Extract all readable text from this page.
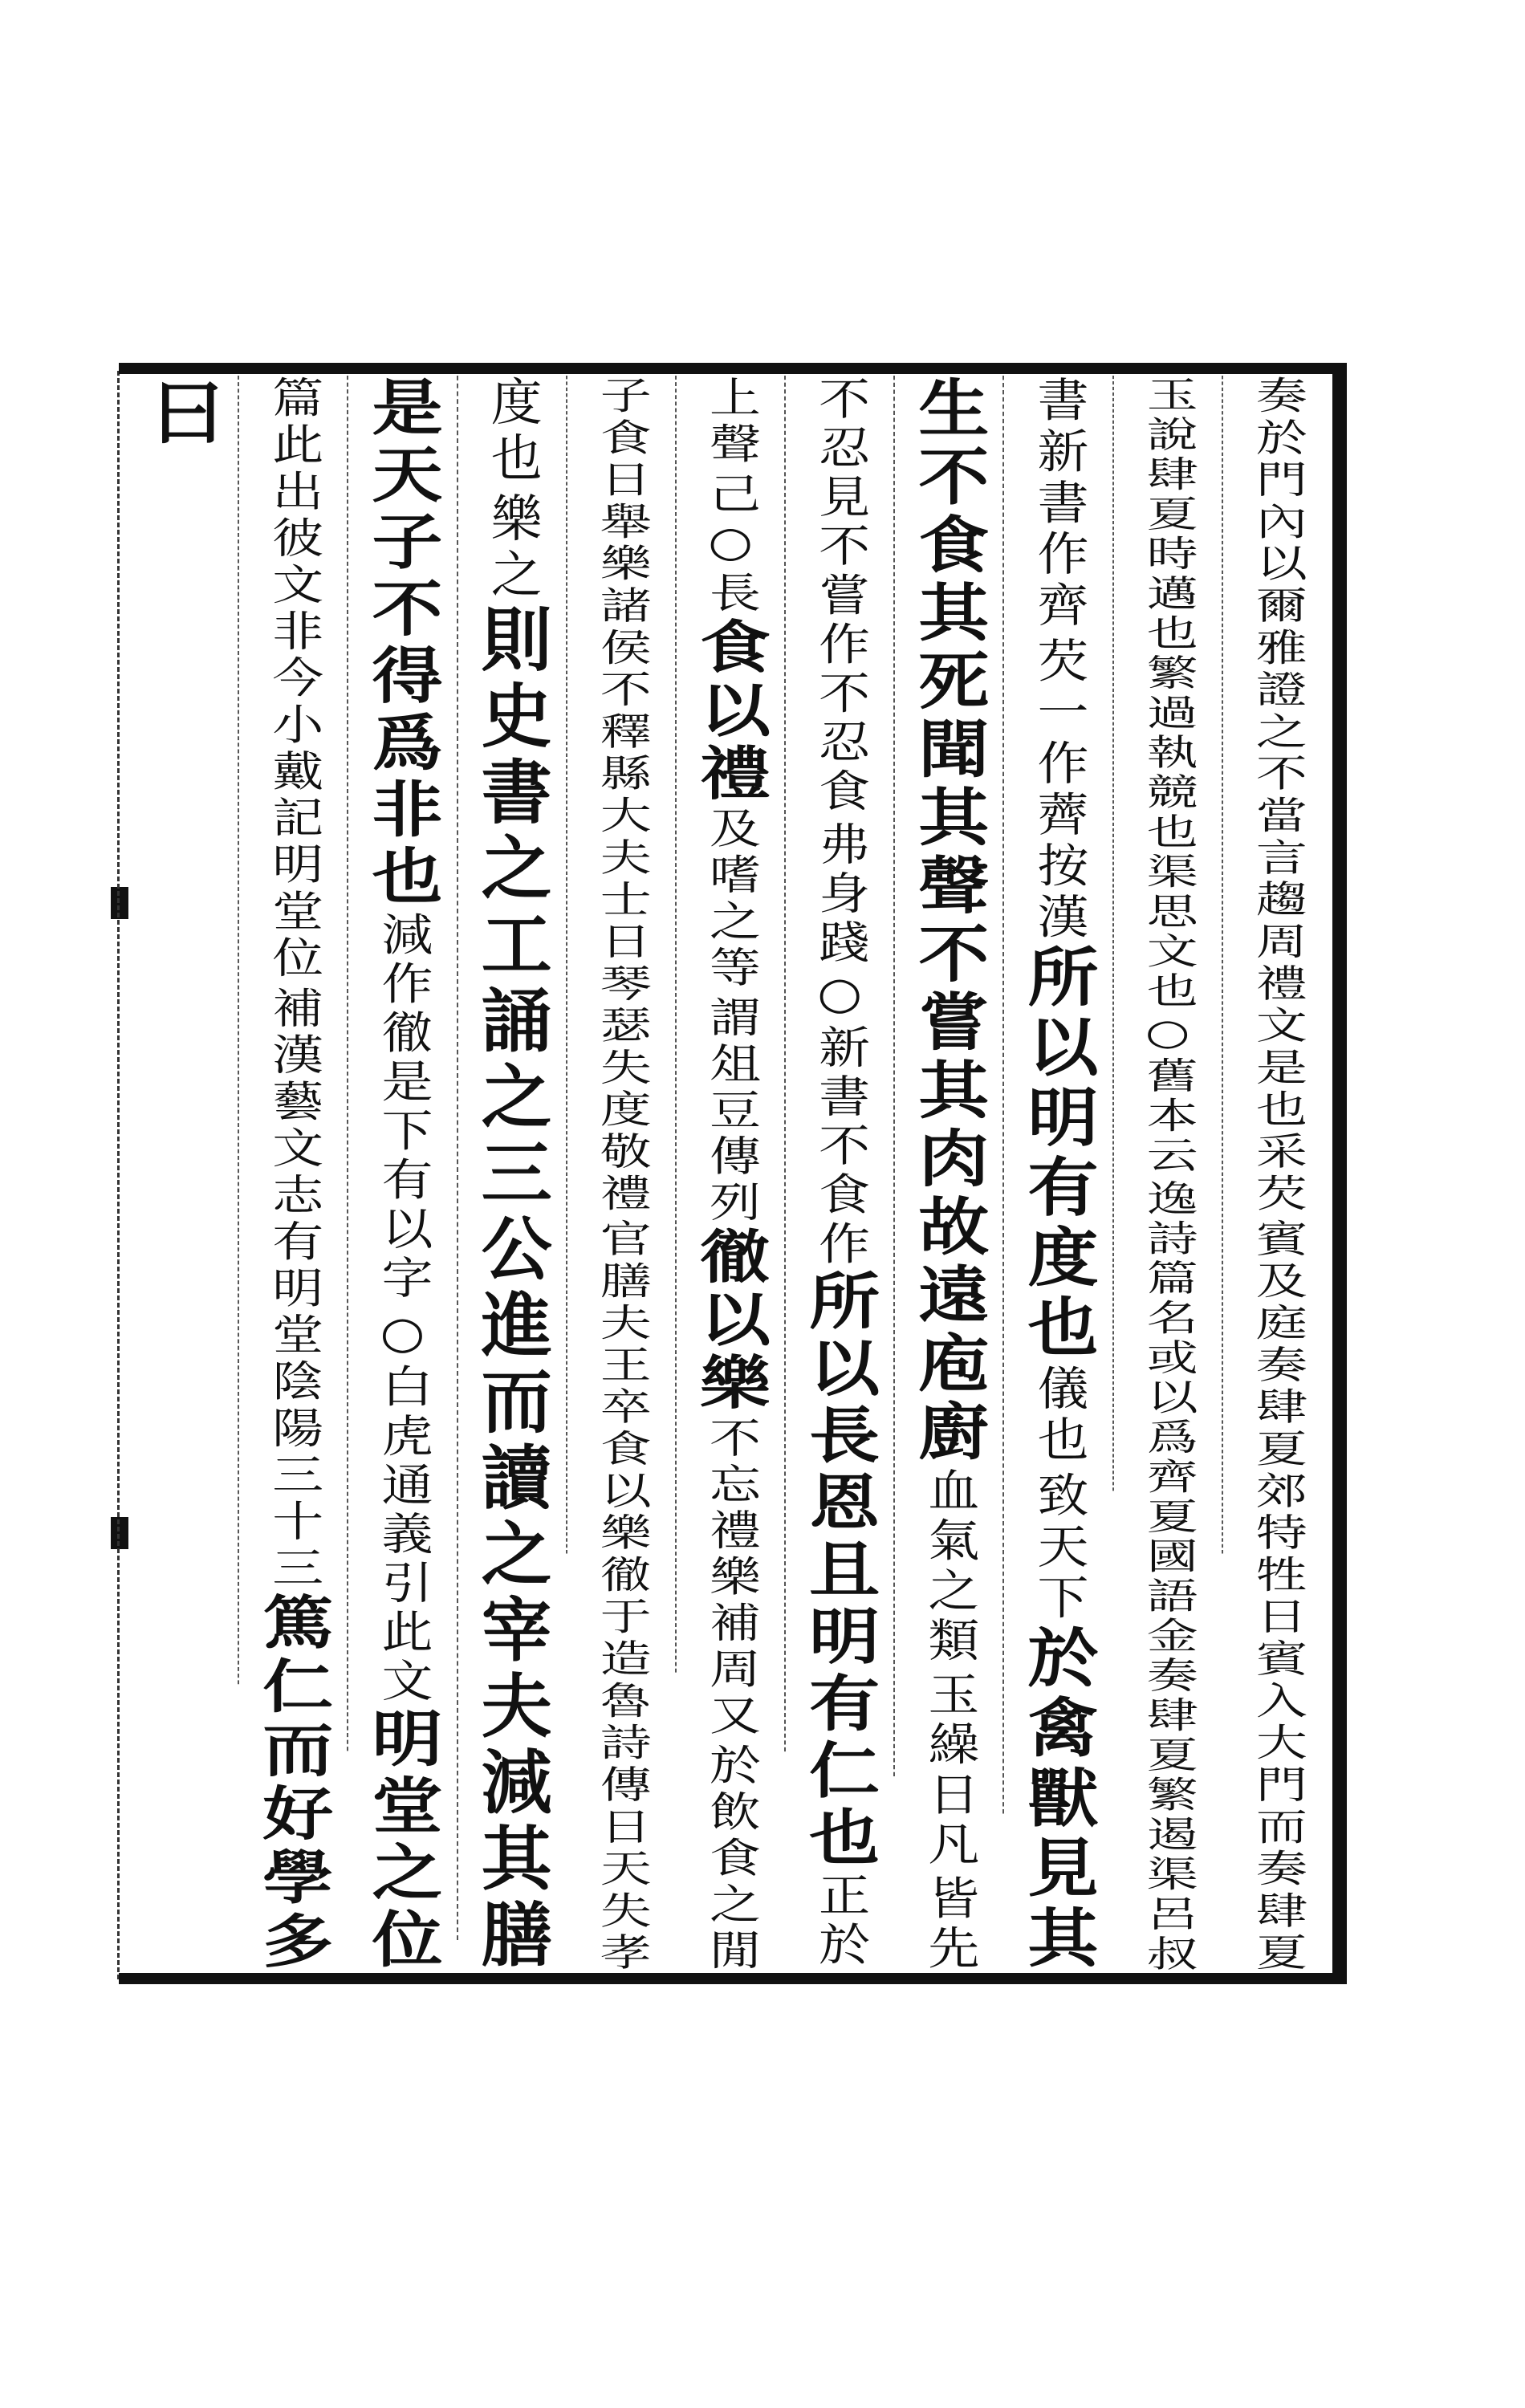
賓及庭奏肆夏郊特牲日賓入大門而奏肆夏
奏於門內以爾雅證之不當言趨周禮文是也采芡
逸詩篇名或以爲齊夏國語金奏肆夏繁遏渠呂叔
玉說肆夏時邁也繁過執競也渠思文也○舊本云
芡一作薺按漢
書新書作齊
所以明有度也
致天下
儀也
於禽獸見其
生不食其死聞其聲不嘗其肉故遠庖廚
玉繰日凡
血氣之類
皆先
弗身踐○新書不食作
不忍見不嘗作不忍食
所以長恩且明有仁也
正於
己○長
上聲
食以禮
謂俎豆傳列
及嗜之等
徹以樂
於飲食之閒
不忘禮樂補周又
官膳夫王卒食以樂徹于造魯詩傳日天失孝
子食日舉樂諸侯不釋縣大夫士日琴瑟失度敬禮
樂之
度也
則史書之工誦之三公進而讀之宰夫減其膳
是天子不得爲非也
○白虎通義引此文
減作徹是下有以字
明堂之位
補漢藝文志有明堂陰陽三十三
篇此出彼文非今小戴記明堂位
篤仁而好學多
曰
